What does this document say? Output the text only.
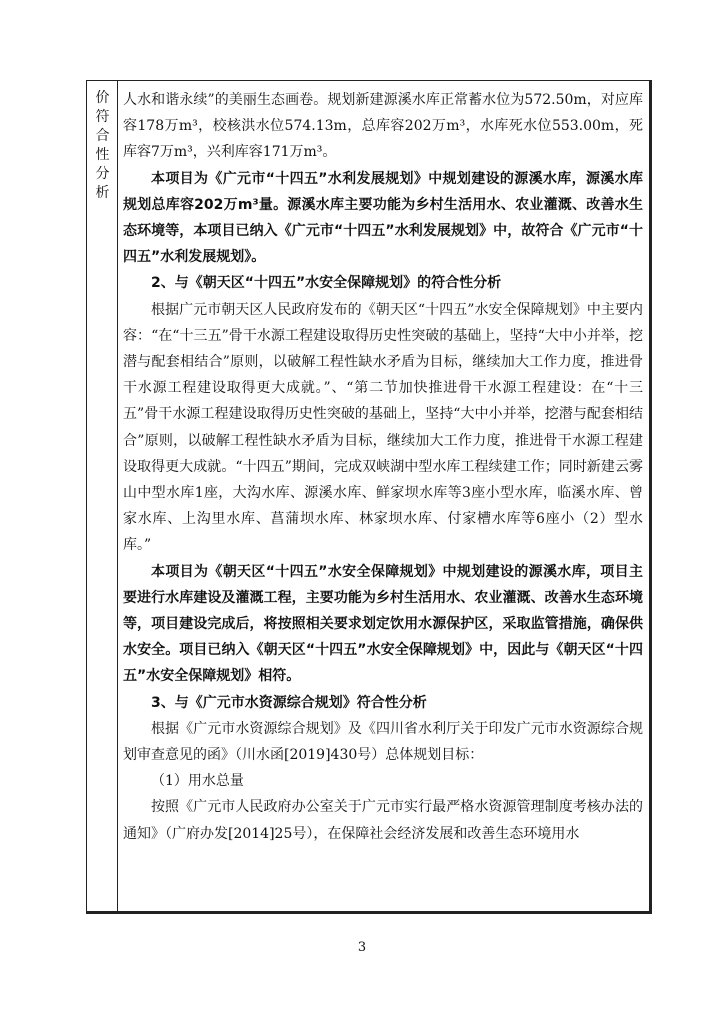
价
符
合
性
分
析

人水和谐永续”的美丽生态画卷。规划新建源溪水库正常蓄水位为572.50m，对应库容178万m³，校核洪水位574.13m，总库容202万m³，水库死水位553.00m，死库容7万m³，兴利库容171万m³。

本项目为《广元市“十四五”水利发展规划》中规划建设的源溪水库，源溪水库规划总库容202万m³量。源溪水库主要功能为乡村生活用水、农业灌溉、改善水生态环境等，本项目已纳入《广元市“十四五”水利发展规划》中，故符合《广元市“十四五”水利发展规划》。

2、与《朝天区“十四五”水安全保障规划》的符合性分析

根据广元市朝天区人民政府发布的《朝天区“十四五”水安全保障规划》中主要内容：“在“十三五”骨干水源工程建设取得历史性突破的基础上，坚持“大中小并举，挖潜与配套相结合”原则，以破解工程性缺水矛盾为目标，继续加大工作力度，推进骨干水源工程建设取得更大成就。”、“第二节加快推进骨干水源工程建设：在“十三五”骨干水源工程建设取得历史性突破的基础上，坚持“大中小并举，挖潜与配套相结合”原则，以破解工程性缺水矛盾为目标，继续加大工作力度，推进骨干水源工程建设取得更大成就。“十四五”期间，完成双峡湖中型水库工程续建工作；同时新建云雾山中型水库1座，大沟水库、源溪水库、鲜家坝水库等3座小型水库，临溪水库、曾家水库、上沟里水库、菖蒲坝水库、林家坝水库、付家槽水库等6座小（2）型水库。”

本项目为《朝天区“十四五”水安全保障规划》中规划建设的源溪水库，项目主要进行水库建设及灌溉工程，主要功能为乡村生活用水、农业灌溉、改善水生态环境等，项目建设完成后，将按照相关要求划定饮用水源保护区，采取监管措施，确保供水安全。项目已纳入《朝天区“十四五”水安全保障规划》中，因此与《朝天区“十四五”水安全保障规划》相符。

3、与《广元市水资源综合规划》符合性分析

根据《广元市水资源综合规划》及《四川省水利厅关于印发广元市水资源综合规划审查意见的函》（川水函[2019]430号）总体规划目标：

（1）用水总量

按照《广元市人民政府办公室关于广元市实行最严格水资源管理制度考核办法的通知》（广府办发[2014]25号），在保障社会经济发展和改善生态环境用水

3
